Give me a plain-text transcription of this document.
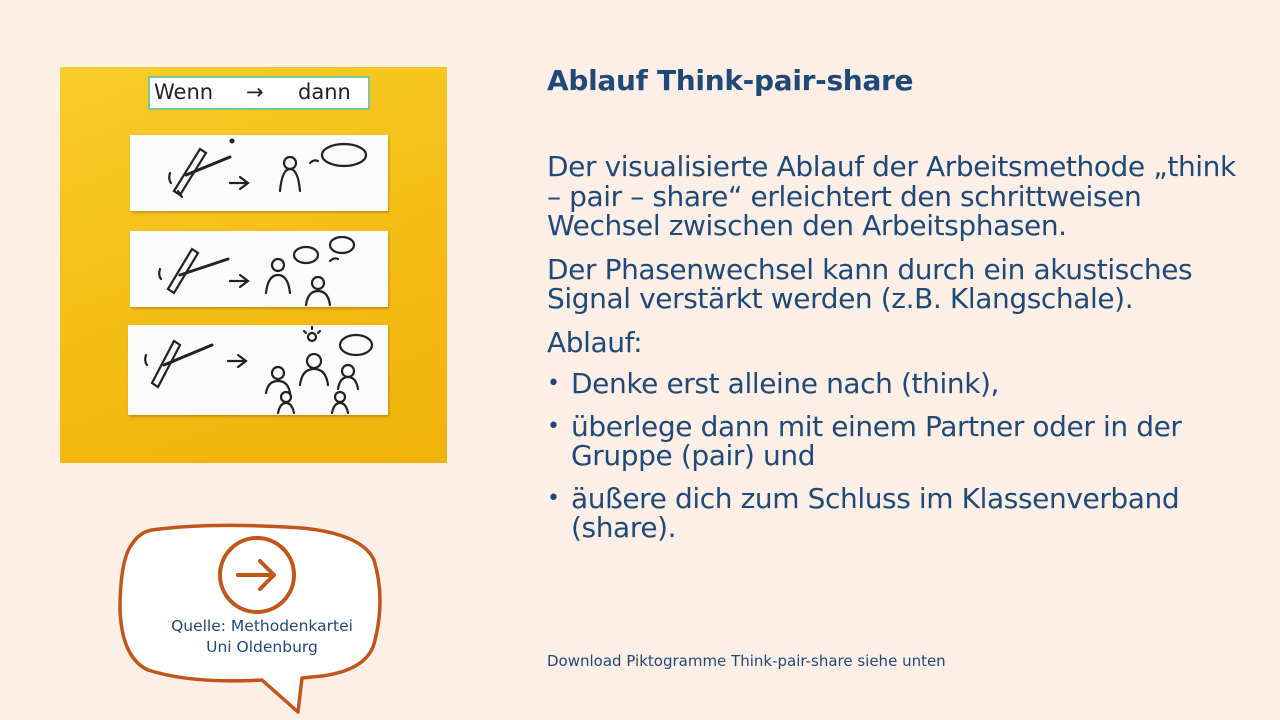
Wenn → dann	Ablauf Think-pair-share

Der visualisierte Ablauf der Arbeitsmethode „think – pair – share“ erleichtert den schrittweisen Wechsel zwischen den Arbeitsphasen.

Der Phasenwechsel kann durch ein akustisches Signal verstärkt werden (z.B. Klangschale).

Ablauf:

• Denke erst alleine nach (think),
• überlege dann mit einem Partner oder in der Gruppe (pair) und
• äußere dich zum Schluss im Klassenverband (share).
Download Piktogramme Think-pair-share siehe unten
Quelle: Methodenkartei
Uni Oldenburg
